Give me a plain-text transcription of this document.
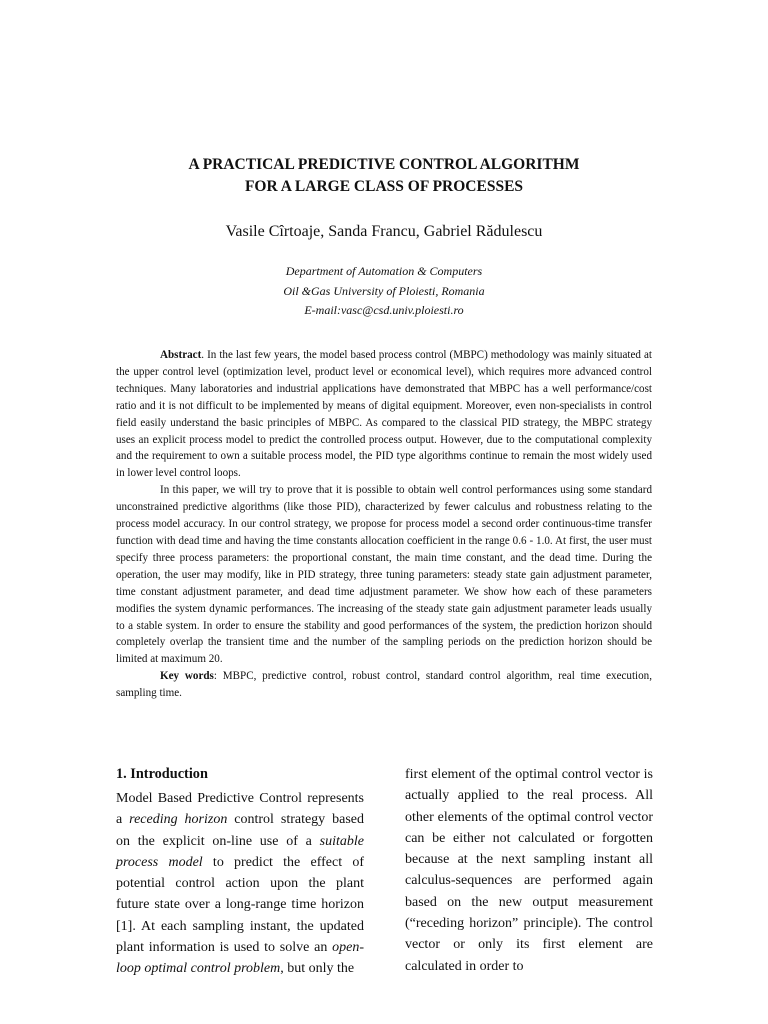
A PRACTICAL PREDICTIVE CONTROL ALGORITHM
FOR A LARGE CLASS OF PROCESSES
Vasile Cîrtoaje, Sanda Francu, Gabriel Rădulescu
Department of Automation & Computers
Oil &Gas University of Ploiesti, Romania
E-mail:vasc@csd.univ.ploiesti.ro

Abstract. In the last few years, the model based process control (MBPC) methodology was mainly situated at the upper control level (optimization level, product level or economical level), which requires more advanced control techniques. Many laboratories and industrial applications have demonstrated that MBPC has a well performance/cost ratio and it is not difficult to be implemented by means of digital equipment. Moreover, even non-specialists in control field easily understand the basic principles of MBPC. As compared to the classical PID strategy, the MBPC strategy uses an explicit process model to predict the controlled process output. However, due to the computational complexity and the requirement to own a suitable process model, the PID type algorithms continue to remain the most widely used in lower level control loops.

In this paper, we will try to prove that it is possible to obtain well control performances using some standard unconstrained predictive algorithms (like those PID), characterized by fewer calculus and robustness relating to the process model accuracy. In our control strategy, we propose for process model a second order continuous-time transfer function with dead time and having the time constants allocation coefficient in the range 0.6 - 1.0. At first, the user must specify three process parameters: the proportional constant, the main time constant, and the dead time. During the operation, the user may modify, like in PID strategy, three tuning parameters: steady state gain adjustment parameter, time constant adjustment parameter, and dead time adjustment parameter. We show how each of these parameters modifies the system dynamic performances. The increasing of the steady state gain adjustment parameter leads usually to a stable system. In order to ensure the stability and good performances of the system, the prediction horizon should completely overlap the transient time and the number of the sampling periods on the prediction horizon should be limited at maximum 20.

Key words: MBPC, predictive control, robust control, standard control algorithm, real time execution, sampling time.

1. Introduction

Model Based Predictive Control represents a receding horizon control strategy based on the explicit on-line use of a suitable process model to predict the effect of potential control action upon the plant future state over a long-range time horizon [1]. At each sampling instant, the updated plant information is used to solve an open-loop optimal control problem, but only the

first element of the optimal control vector is actually applied to the real process. All other elements of the optimal control vector can be either not calculated or forgotten because at the next sampling instant all calculus-sequences are performed again based on the new output measurement (“receding horizon” principle). The control vector or only its first element are calculated in order to
